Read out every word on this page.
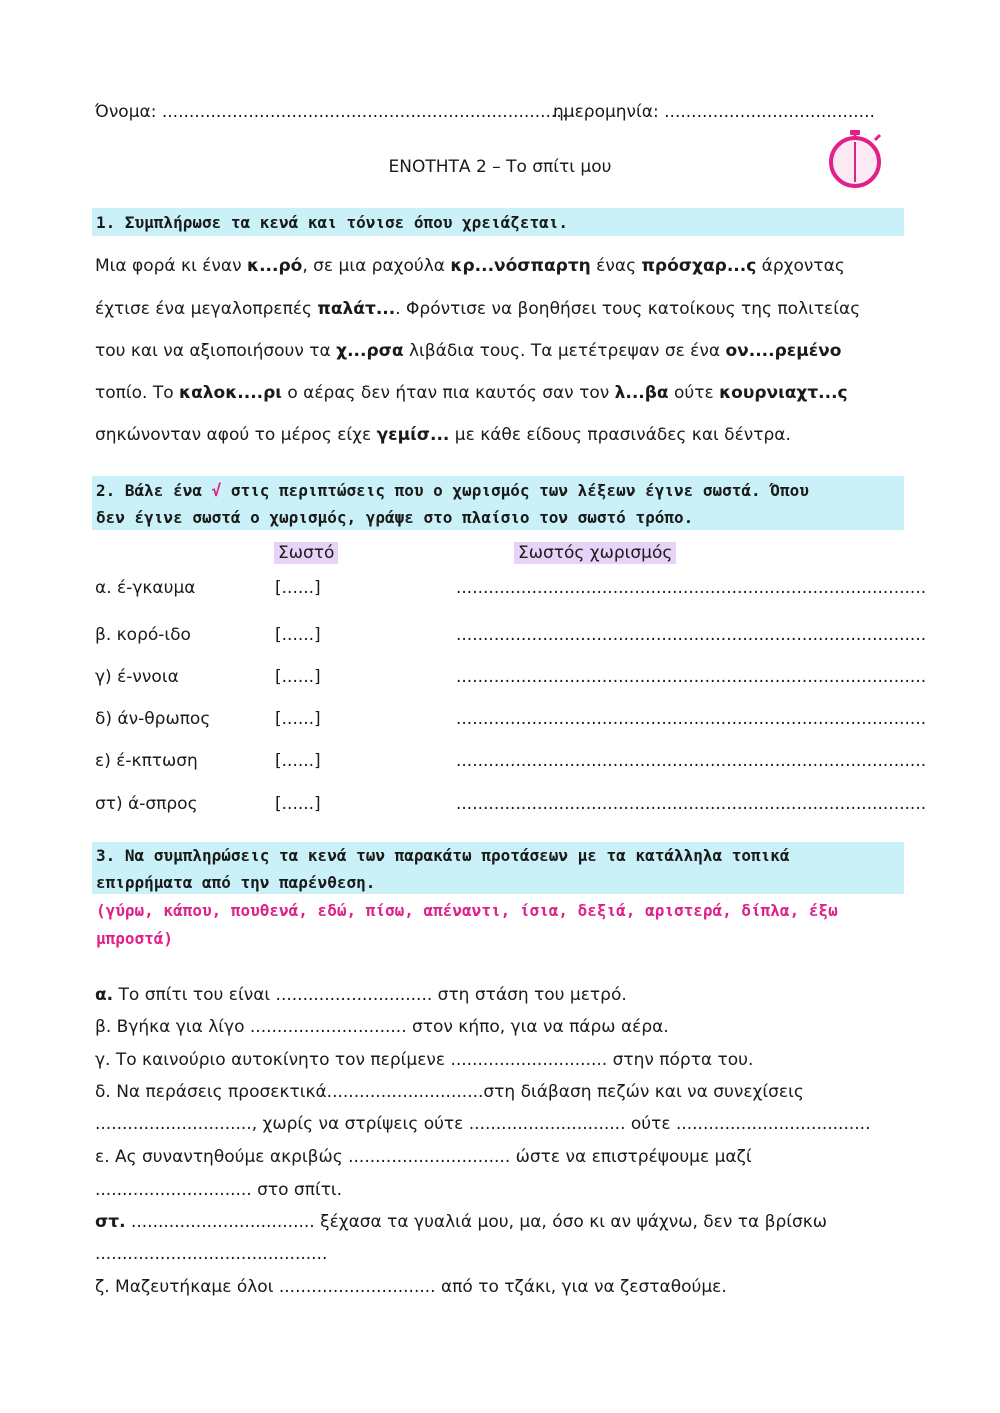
Όνομα: ...........................................................................
ημερομηνία: .......................................
ΕΝΟΤΗΤΑ 2 – Το σπίτι μου
1. Συμπλήρωσε τα κενά και τόνισε όπου χρειάζεται.
Μια φορά κι έναν κ...ρό, σε μια ραχούλα κρ...νόσπαρτη ένας πρόσχαρ...ς άρχοντας
έχτισε ένα μεγαλοπρεπές παλάτ.... Φρόντισε να βοηθήσει τους κατοίκους της πολιτείας
του και να αξιοποιήσουν τα χ...ρσα λιβάδια τους. Τα μετέτρεψαν σε ένα ον....ρεμένο
τοπίο. Το καλοκ....ρι ο αέρας δεν ήταν πια καυτός σαν τον λ...βα ούτε κουρνιαχτ...ς
σηκώνονταν αφού το μέρος είχε γεμίσ... με κάθε είδους πρασινάδες και δέντρα.
2. Βάλε ένα √ στις περιπτώσεις που ο χωρισμός των λέξεων έγινε σωστά. Όπου
δεν έγινε σωστά ο χωρισμός, γράψε στο πλαίσιο τον σωστό τρόπο.
Σωστό	Σωστός χωρισμός
α. έ-γκαυμα	[......]	.......................................................................................
β. κορό-ιδο	[......]	.......................................................................................
γ) έ-ννοια	[......]	.......................................................................................
δ) άν-θρωπος	[......]	.......................................................................................
ε) έ-κπτωση	[......]	.......................................................................................
στ) ά-σπρος	[......]	.......................................................................................
3. Να συμπληρώσεις τα κενά των παρακάτω προτάσεων με τα κατάλληλα τοπικά
επιρρήματα από την παρένθεση.
(γύρω, κάπου, πουθενά, εδώ, πίσω, απέναντι, ίσια, δεξιά, αριστερά, δίπλα, έξω
μπροστά)
α. Το σπίτι του είναι ............................. στη στάση του μετρό.
β. Βγήκα για λίγο ............................. στον κήπο, για να πάρω αέρα.
γ. Το καινούριο αυτοκίνητο τον περίμενε ............................. στην πόρτα του.
δ. Να περάσεις προσεκτικά.............................στη διάβαση πεζών και να συνεχίσεις
............................., χωρίς να στρίψεις ούτε ............................. ούτε ....................................
ε. Ας συναντηθούμε ακριβώς .............................. ώστε να επιστρέψουμε μαζί
............................. στο σπίτι.
στ. .................................. ξέχασα τα γυαλιά μου, μα, όσο κι αν ψάχνω, δεν τα βρίσκω
...........................................
ζ. Μαζευτήκαμε όλοι ............................. από το τζάκι, για να ζεσταθούμε.
